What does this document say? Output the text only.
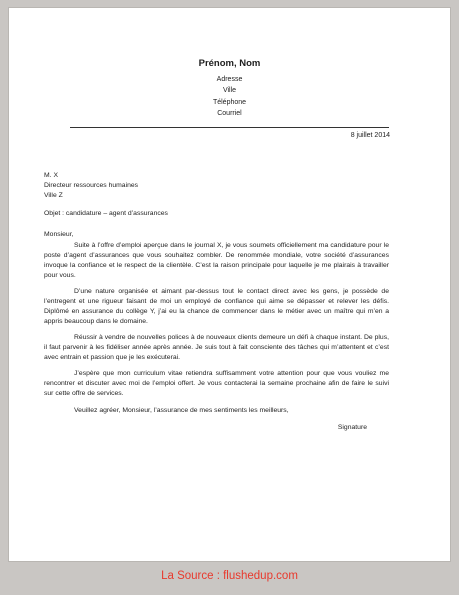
Prénom, Nom
Adresse
Ville
Téléphone
Courriel
8 juillet 2014

M. X

Directeur ressources humaines

Ville Z

Objet : candidature – agent d’assurances
Monsieur,

Suite à l’offre d’emploi aperçue dans le journal X, je vous soumets officiellement ma candidature pour le poste d’agent d’assurances que vous souhaitez combler. De renommée mondiale, votre société d’assurances invoque la confiance et le respect de la clientèle. C’est la raison principale pour laquelle je me plairais à travailler pour vous.

D’une nature organisée et aimant par-dessus tout le contact direct avec les gens, je possède de l’entregent et une rigueur faisant de moi un employé de confiance qui aime se dépasser et relever les défis. Diplômé en assurance du collège Y, j’ai eu la chance de commencer dans le métier avec un maître qui m’en a appris beaucoup dans le domaine.

Réussir à vendre de nouvelles polices à de nouveaux clients demeure un défi à chaque instant. De plus, il faut parvenir à les fidéliser année après année. Je suis tout à fait consciente des tâches qui m’attentent et c’est avec entrain et passion que je les exécuterai.

J’espère que mon curriculum vitae retiendra suffisamment votre attention pour que vous vouliez me rencontrer et discuter avec moi de l’emploi offert. Je vous contacterai la semaine prochaine afin de faire le suivi sur cette offre de services.

Veuillez agréer, Monsieur, l’assurance de mes sentiments les meilleurs,
Signature
La Source : flushedup.com
